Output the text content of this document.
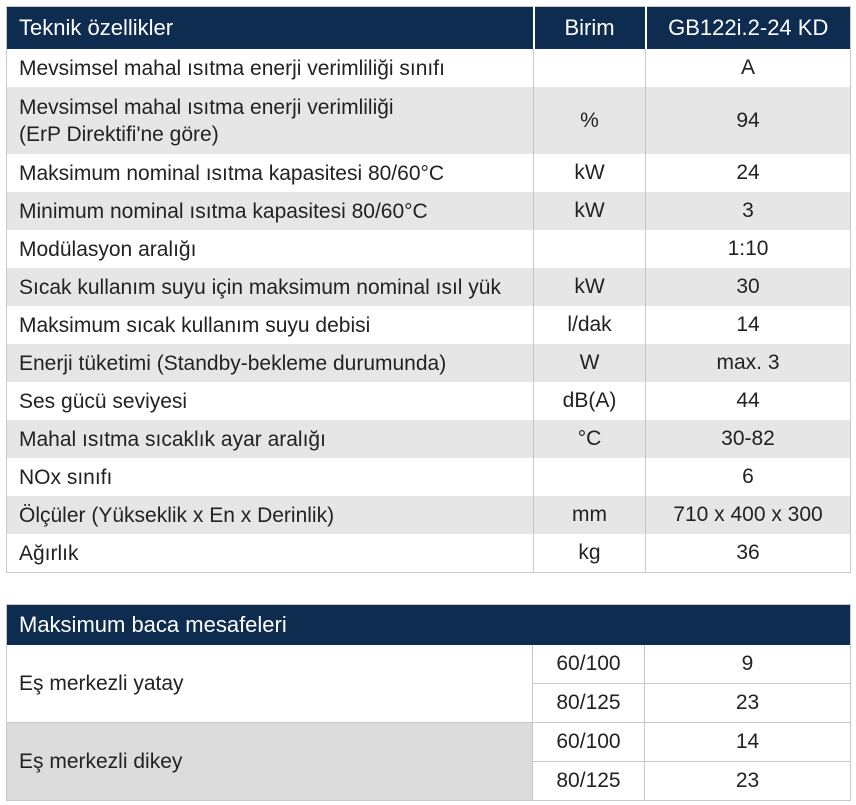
Teknik özellikler	Birim	GB122i.2-24 KD
Mevsimsel mahal ısıtma enerji verimliliği sınıfı		A

Mevsimsel mahal ısıtma enerji verimliliği
(ErP Direktifi'ne göre)	%	94
Maksimum nominal ısıtma kapasitesi 80/60°C	kW	24
Minimum nominal ısıtma kapasitesi 80/60°C	kW	3
Modülasyon aralığı		1:10
Sıcak kullanım suyu için maksimum nominal ısıl yük	kW	30
Maksimum sıcak kullanım suyu debisi	l/dak	14
Enerji tüketimi (Standby-bekleme durumunda)	W	max. 3
Ses gücü seviyesi	dB(A)	44
Mahal ısıtma sıcaklık ayar aralığı	°C	30-82
NOx sınıfı		6
Ölçüler (Yükseklik x En x Derinlik)	mm	710 x 400 x 300
Ağırlık	kg	36
Maksimum baca mesafeleri		
Eş merkezli yatay	60/100	9
	80/125	23
Eş merkezli dikey	60/100	14
	80/125	23
